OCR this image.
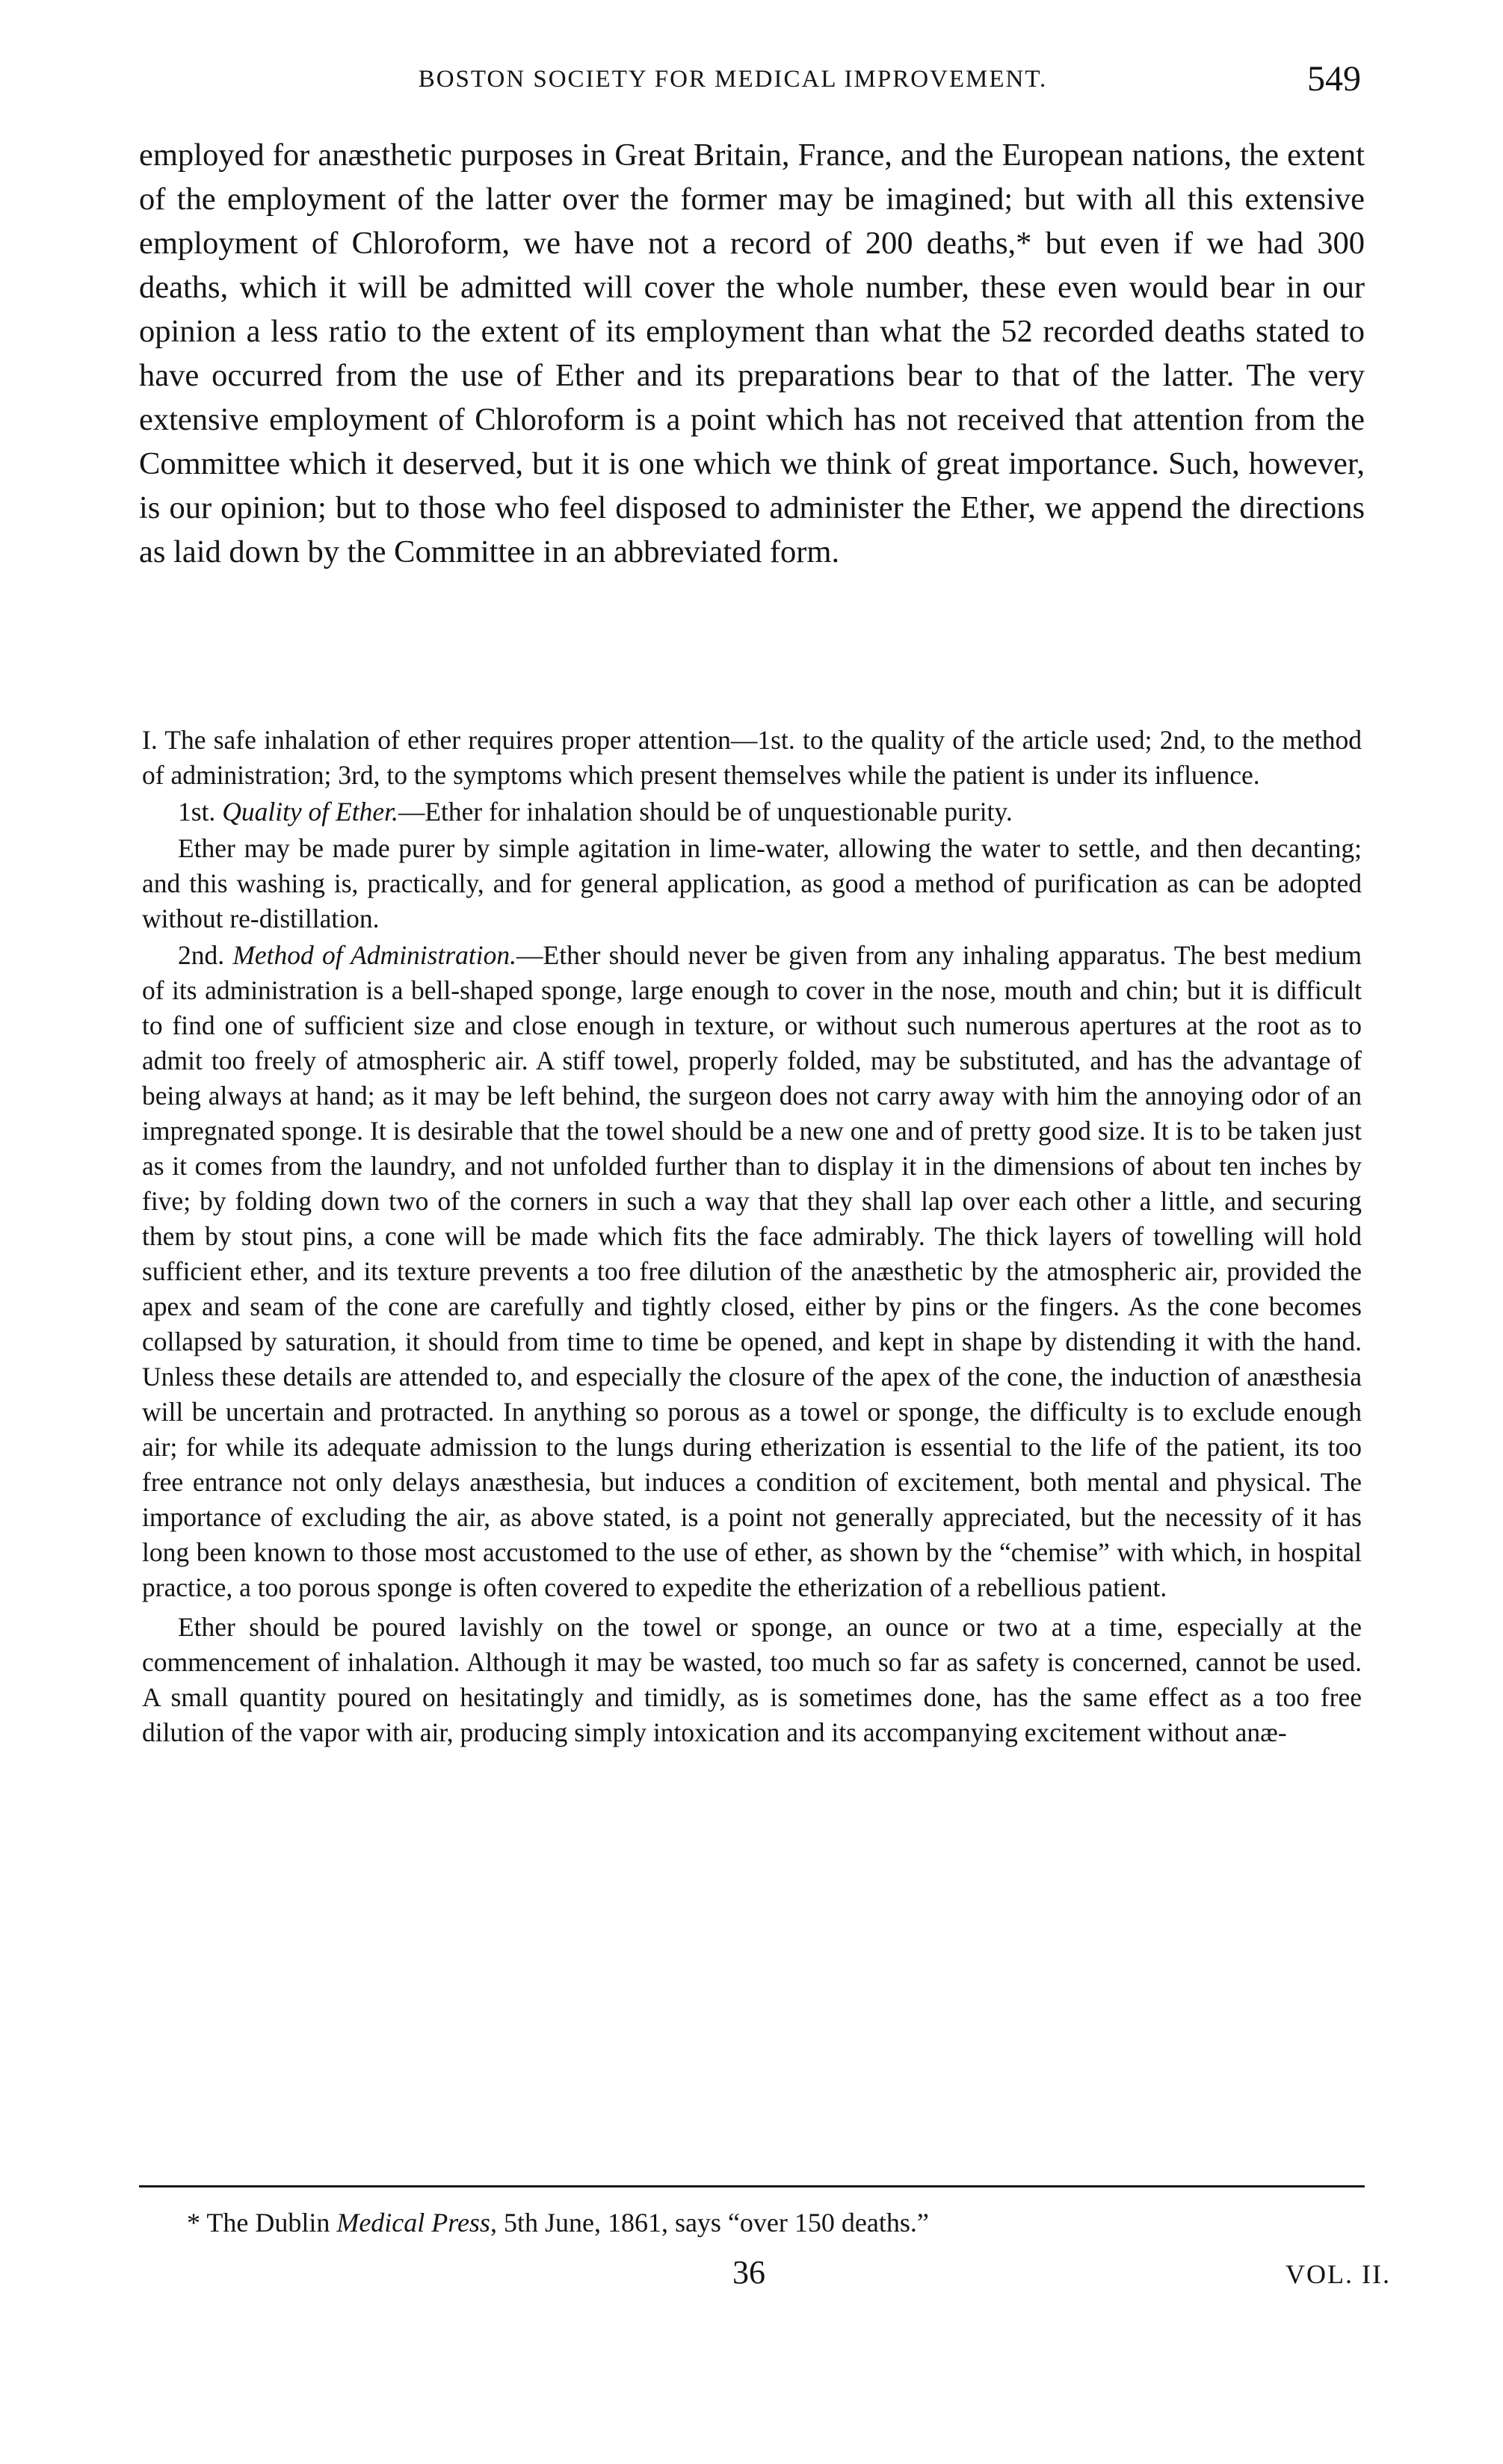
BOSTON SOCIETY FOR MEDICAL IMPROVEMENT.	549

employed for anæsthetic purposes in Great Britain, France, and the European nations, the extent of the employment of the latter over the former may be imagined; but with all this extensive employment of Chloroform, we have not a record of 200 deaths,* but even if we had 300 deaths, which it will be admitted will cover the whole number, these even would bear in our opinion a less ratio to the extent of its employment than what the 52 recorded deaths stated to have occurred from the use of Ether and its preparations bear to that of the latter. The very extensive employment of Chloroform is a point which has not received that attention from the Committee which it deserved, but it is one which we think of great importance. Such, however, is our opinion; but to those who feel disposed to administer the Ether, we append the directions as laid down by the Committee in an abbreviated form.

I. The safe inhalation of ether requires proper attention—1st. to the quality of the article used; 2nd, to the method of administration; 3rd, to the symptoms which present themselves while the patient is under its influence.

1st. Quality of Ether.—Ether for inhalation should be of unquestionable purity.

Ether may be made purer by simple agitation in lime-water, allowing the water to settle, and then decanting; and this washing is, practically, and for general application, as good a method of purification as can be adopted without re-distillation.

2nd. Method of Administration.—Ether should never be given from any inhaling apparatus. The best medium of its administration is a bell-shaped sponge, large enough to cover in the nose, mouth and chin; but it is difficult to find one of sufficient size and close enough in texture, or without such numerous apertures at the root as to admit too freely of atmospheric air. A stiff towel, properly folded, may be substituted, and has the advantage of being always at hand; as it may be left behind, the surgeon does not carry away with him the annoying odor of an impregnated sponge. It is desirable that the towel should be a new one and of pretty good size. It is to be taken just as it comes from the laundry, and not unfolded further than to display it in the dimensions of about ten inches by five; by folding down two of the corners in such a way that they shall lap over each other a little, and securing them by stout pins, a cone will be made which fits the face admirably. The thick layers of towelling will hold sufficient ether, and its texture prevents a too free dilution of the anæsthetic by the atmospheric air, provided the apex and seam of the cone are carefully and tightly closed, either by pins or the fingers. As the cone becomes collapsed by saturation, it should from time to time be opened, and kept in shape by distending it with the hand. Unless these details are attended to, and especially the closure of the apex of the cone, the induction of anæsthesia will be uncertain and protracted. In anything so porous as a towel or sponge, the difficulty is to exclude enough air; for while its adequate admission to the lungs during etherization is essential to the life of the patient, its too free entrance not only delays anæsthesia, but induces a condition of excitement, both mental and physical. The importance of excluding the air, as above stated, is a point not generally appreciated, but the necessity of it has long been known to those most accustomed to the use of ether, as shown by the “chemise” with which, in hospital practice, a too porous sponge is often covered to expedite the etherization of a rebellious patient.

Ether should be poured lavishly on the towel or sponge, an ounce or two at a time, especially at the commencement of inhalation. Although it may be wasted, too much so far as safety is concerned, cannot be used. A small quantity poured on hesitatingly and timidly, as is sometimes done, has the same effect as a too free dilution of the vapor with air, producing simply intoxication and its accompanying excitement without anæ-

* The Dublin Medical Press, 5th June, 1861, says “over 150 deaths.”
36	VOL. II.
